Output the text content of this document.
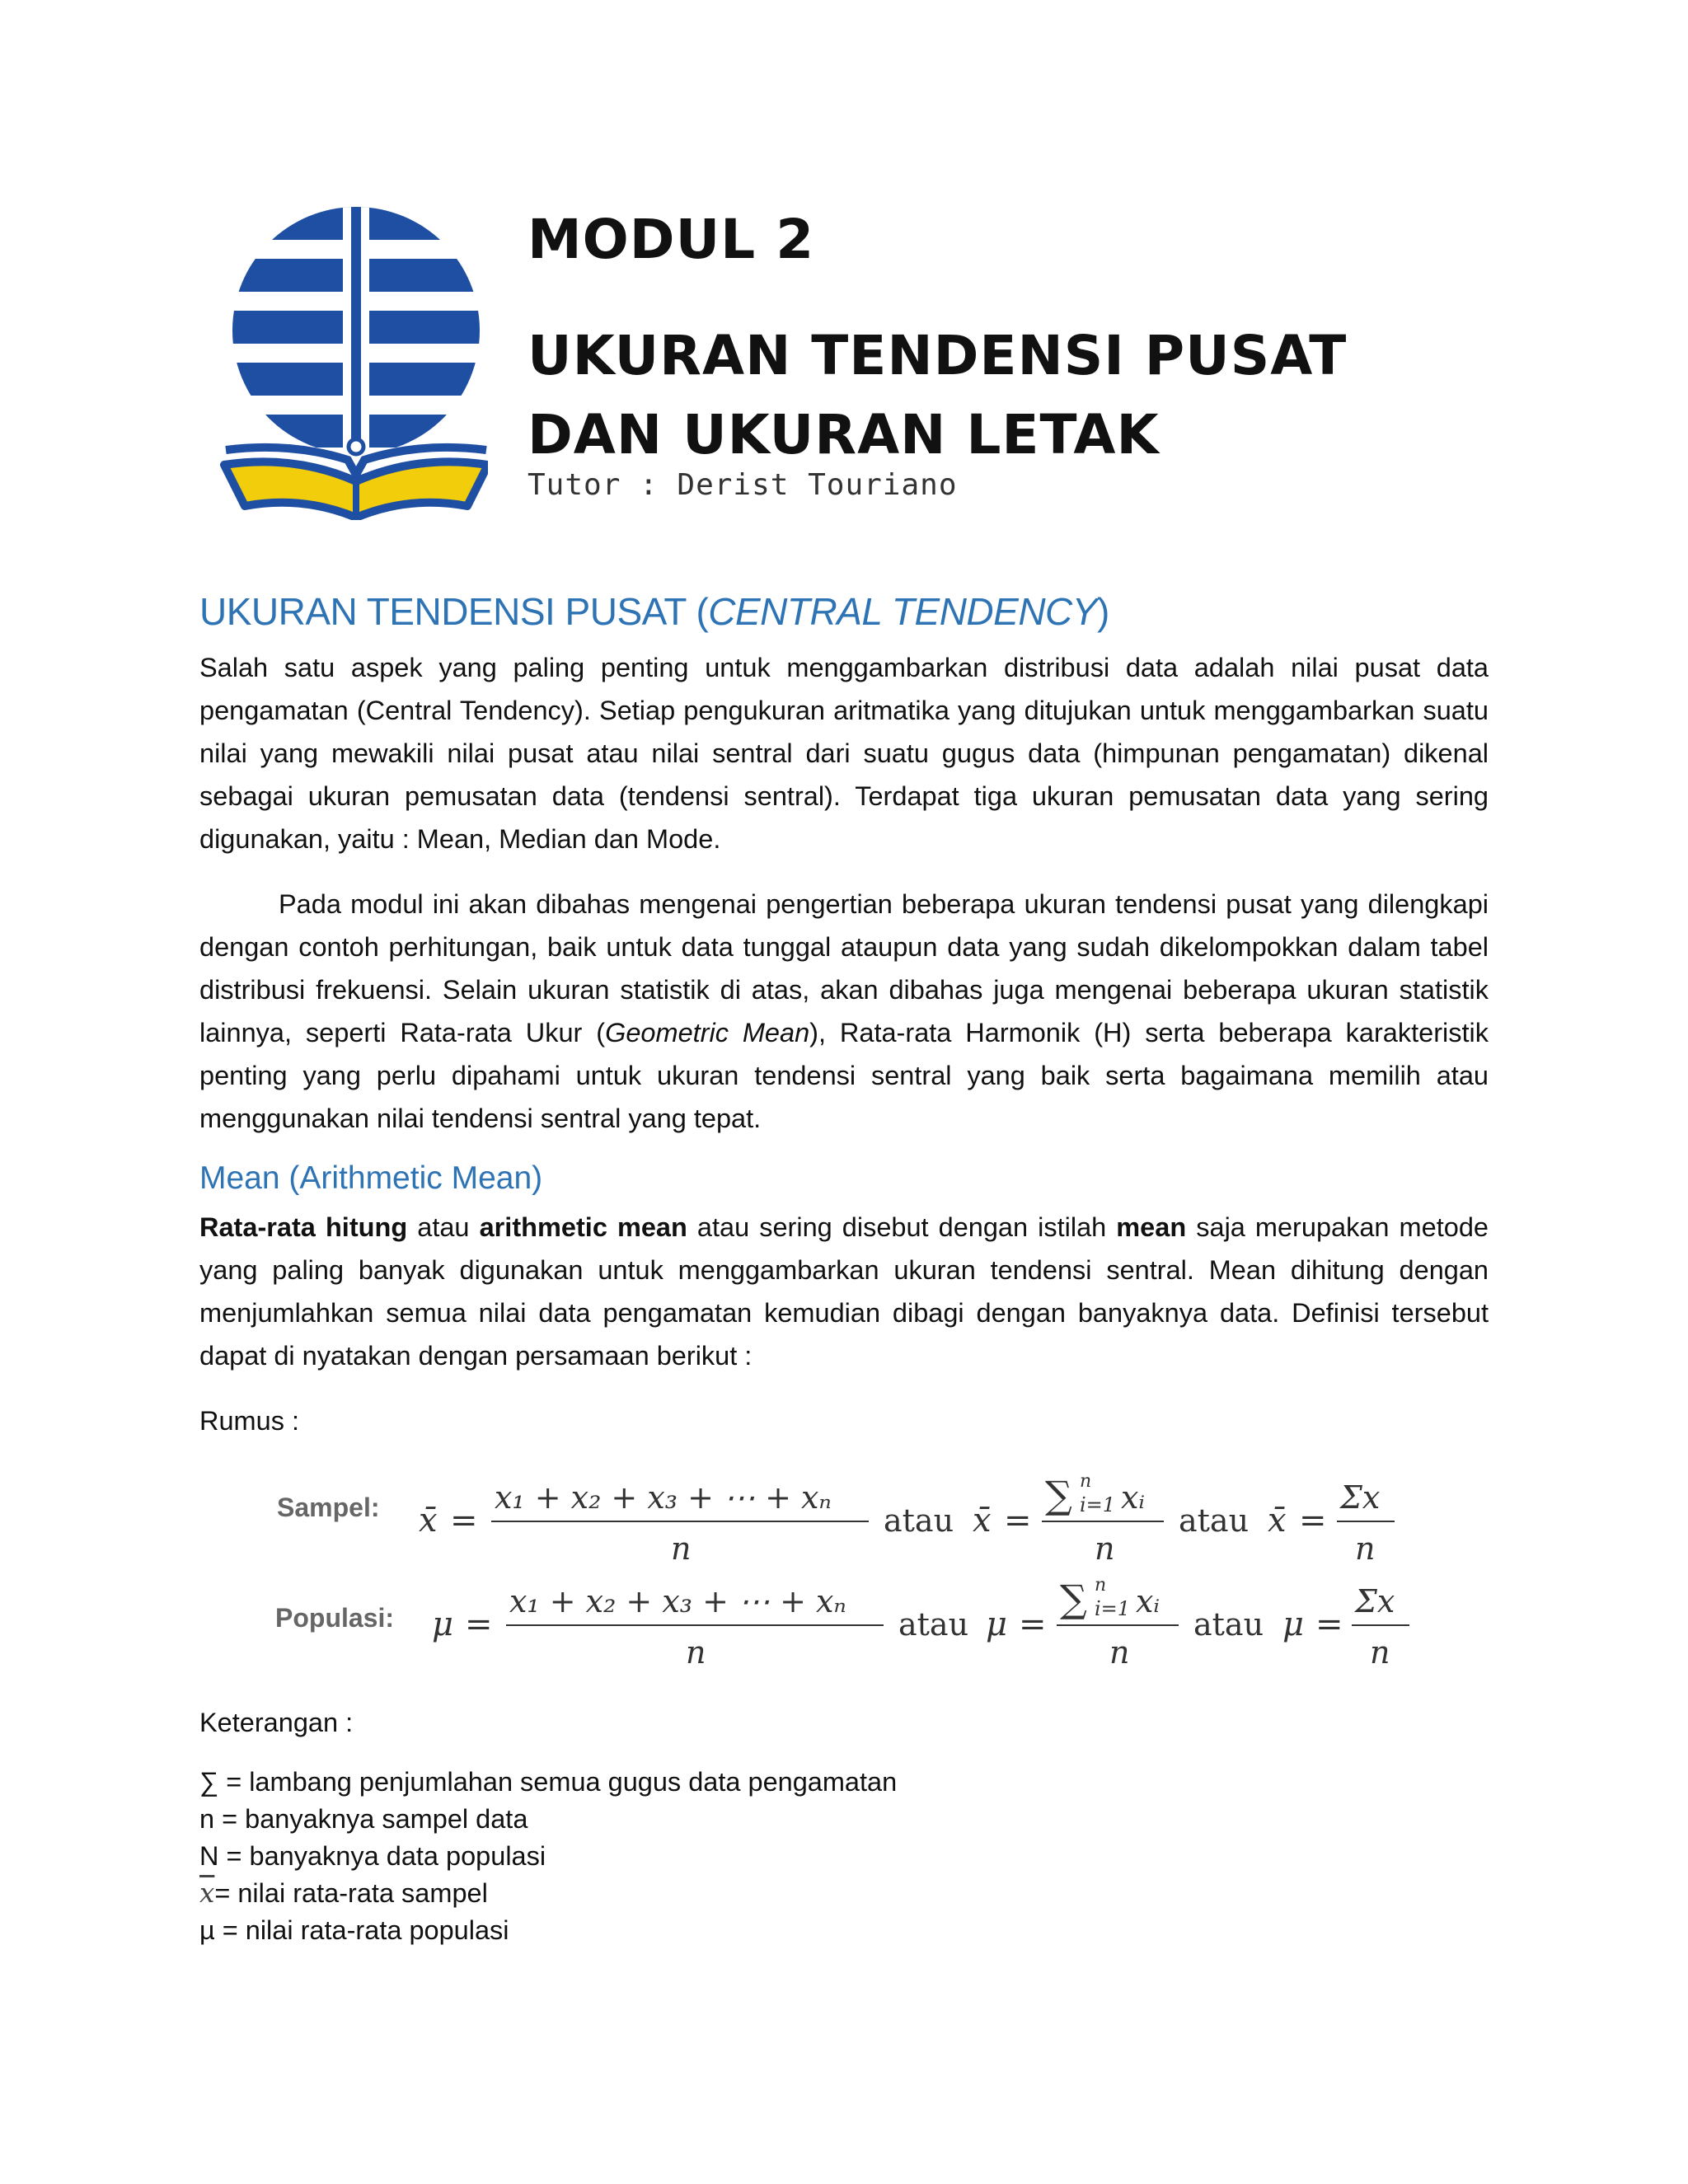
MODUL 2
UKURAN TENDENSI PUSAT
DAN UKURAN LETAK
Tutor : Derist Touriano
UKURAN TENDENSI PUSAT (CENTRAL TENDENCY)

Salah satu aspek yang paling penting untuk menggambarkan distribusi data adalah nilai pusat data pengamatan (Central Tendency). Setiap pengukuran aritmatika yang ditujukan untuk menggambarkan suatu nilai yang mewakili nilai pusat atau nilai sentral dari suatu gugus data (himpunan pengamatan) dikenal sebagai ukuran pemusatan data (tendensi sentral). Terdapat tiga ukuran pemusatan data yang sering digunakan, yaitu : Mean, Median dan Mode.

Pada modul ini akan dibahas mengenai pengertian beberapa ukuran tendensi pusat yang dilengkapi dengan contoh perhitungan, baik untuk data tunggal ataupun data yang sudah dikelompokkan dalam tabel distribusi frekuensi. Selain ukuran statistik di atas, akan dibahas juga mengenai beberapa ukuran statistik lainnya, seperti Rata-rata Ukur (Geometric Mean), Rata-rata Harmonik (H) serta beberapa karakteristik penting yang perlu dipahami untuk ukuran tendensi sentral yang baik serta bagaimana memilih atau menggunakan nilai tendensi sentral yang tepat.

Mean (Arithmetic Mean)

Rata-rata hitung atau arithmetic mean atau sering disebut dengan istilah mean saja merupakan metode yang paling banyak digunakan untuk menggambarkan ukuran tendensi sentral. Mean dihitung dengan menjumlahkan semua nilai data pengamatan kemudian dibagi dengan banyaknya data. Definisi tersebut dapat di nyatakan dengan persamaan berikut :

Rumus :

Sampel: x̄ =
x₁ + x₂ + x₃ + ⋯ + xₙ
n
atau x̄ =
∑ n
i=1 xᵢ
n
atau x̄ =
Σx
n
Populasi: μ =
x₁ + x₂ + x₃ + ⋯ + xₙ
n
atau μ =
∑ n
i=1 xᵢ
n
atau μ =
Σx
n

Keterangan :

∑ = lambang penjumlahan semua gugus data pengamatan
n = banyaknya sampel data
N = banyaknya data populasi
$\overline{x}=$ nilai rata-rata sampel
µ = nilai rata-rata populasi
